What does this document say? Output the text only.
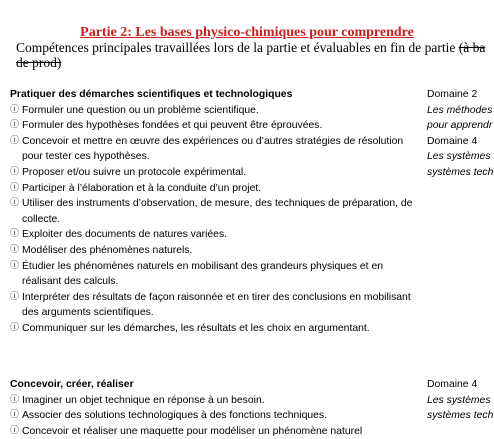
Partie 2: Les bases physico-chimiques pour comprendre
Compétences principales travaillées lors de la partie et évaluables en fin de partie (à ba
de prod)
Pratiquer des démarches scientifiques et technologiques
ⓘ Formuler une question ou un problème scientifique.
ⓘ Formuler des hypothèses fondées et qui peuvent être éprouvées.
ⓘ Concevoir et mettre en œuvre des expériences ou d’autres stratégies de résolution pour tester ces hypothèses.
ⓘ Proposer et/ou suivre un protocole expérimental.
ⓘ Participer à l’élaboration et à la conduite d’un projet.
ⓘ Utiliser des instruments d’observation, de mesure, des techniques de préparation, de collecte.
ⓘ Exploiter des documents de natures variées.
ⓘ Modéliser des phénomènes naturels.
ⓘ Étudier les phénomènes naturels en mobilisant des grandeurs physiques et en réalisant des calculs.
ⓘ Interpréter des résultats de façon raisonnée et en tirer des conclusions en mobilisant des arguments scientifiques.
ⓘ Communiquer sur les démarches, les résultats et les choix en argumentant.
Domaine 2
Les méthodes
pour apprendr
Domaine 4
Les systèmes
systèmes tech
Concevoir, créer, réaliser
ⓘ Imaginer un objet technique en réponse à un besoin.
ⓘ Associer des solutions technologiques à des fonctions techniques.
ⓘ Concevoir et réaliser une maquette pour modéliser un phénomène naturel
Domaine 4
Les systèmes
systèmes tech
